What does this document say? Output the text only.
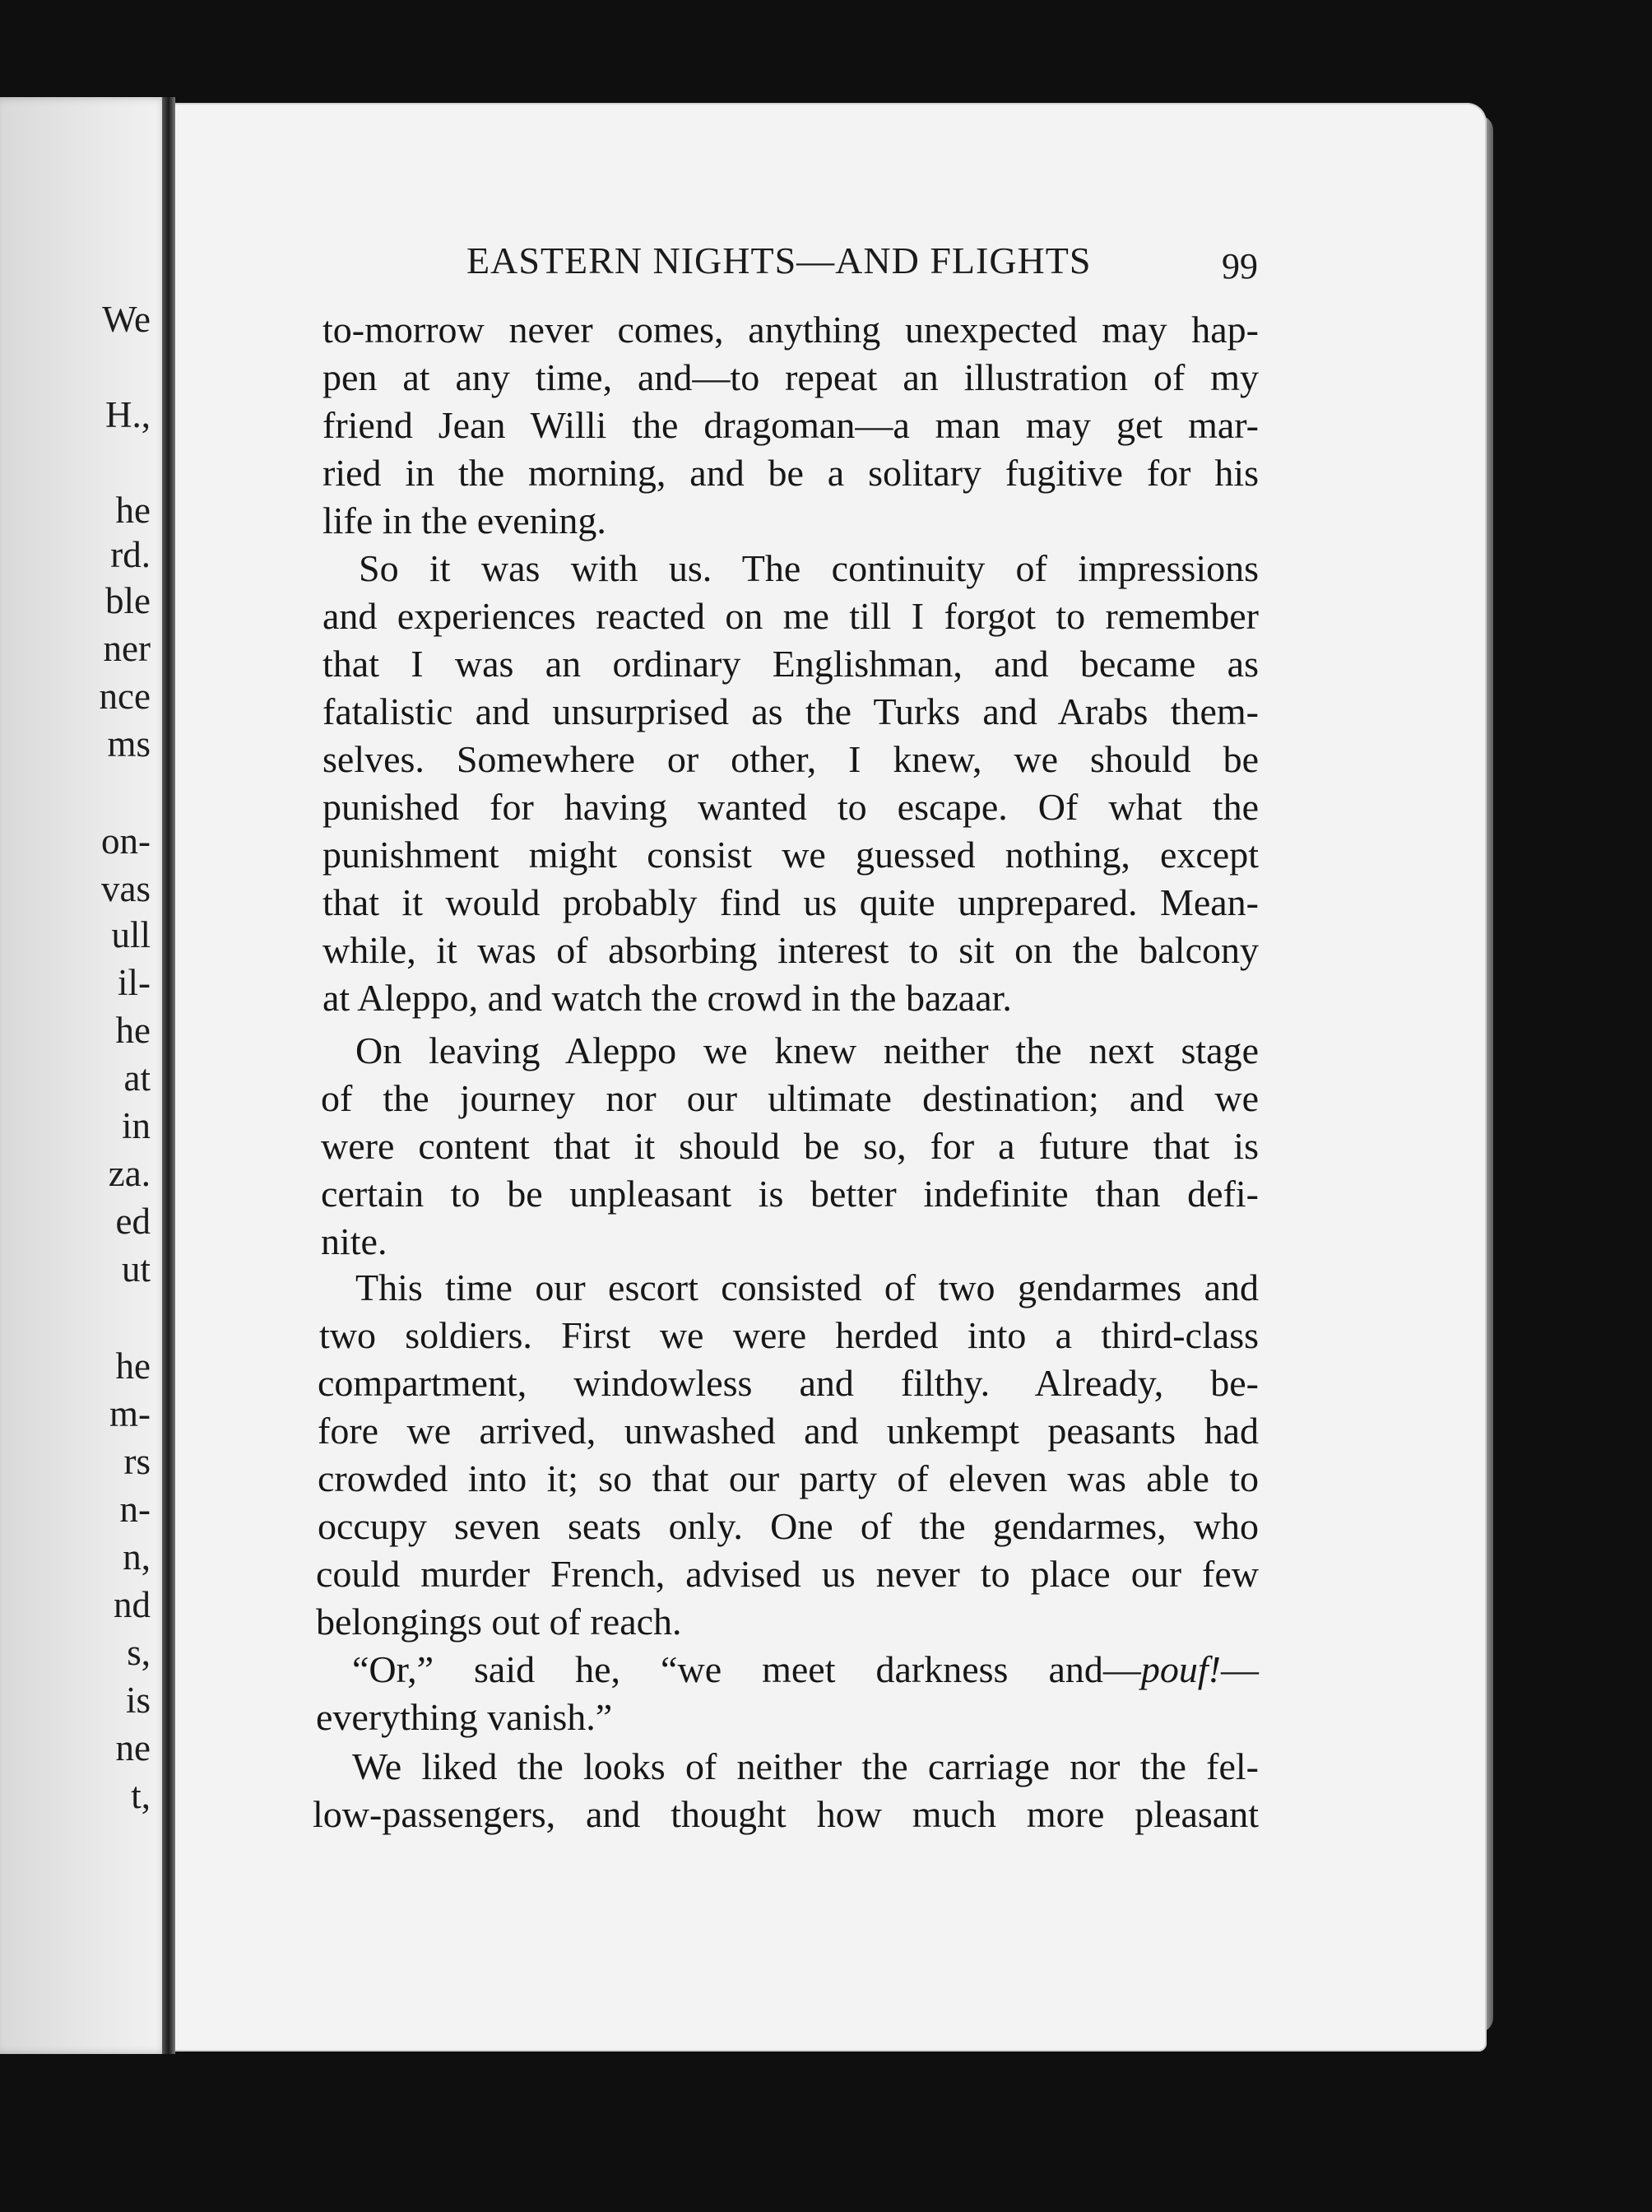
We
H.,
he
rd.
ble
ner
nce
ms
on-
vas
ull
il-
he
at
in
za.
ed
ut
he
m-
rs
n-
n,
nd
s,
is
ne
t,
EASTERN NIGHTS—AND FLIGHTS	99
to-morrow never comes, anything unexpected may hap-
pen at any time, and—to repeat an illustration of my
friend Jean Willi the dragoman—a man may get mar-
ried in the morning, and be a solitary fugitive for his
life in the evening.
So it was with us. The continuity of impressions
and experiences reacted on me till I forgot to remember
that I was an ordinary Englishman, and became as
fatalistic and unsurprised as the Turks and Arabs them-
selves. Somewhere or other, I knew, we should be
punished for having wanted to escape. Of what the
punishment might consist we guessed nothing, except
that it would probably find us quite unprepared. Mean-
while, it was of absorbing interest to sit on the balcony
at Aleppo, and watch the crowd in the bazaar.
On leaving Aleppo we knew neither the next stage
of the journey nor our ultimate destination; and we
were content that it should be so, for a future that is
certain to be unpleasant is better indefinite than defi-
nite.
This time our escort consisted of two gendarmes and
two soldiers. First we were herded into a third-class
compartment, windowless and filthy. Already, be-
fore we arrived, unwashed and unkempt peasants had
crowded into it; so that our party of eleven was able to
occupy seven seats only. One of the gendarmes, who
could murder French, advised us never to place our few
belongings out of reach.
“Or,” said he, “we meet darkness and—pouf!—
everything vanish.”
We liked the looks of neither the carriage nor the fel-
low-passengers, and thought how much more pleasant
